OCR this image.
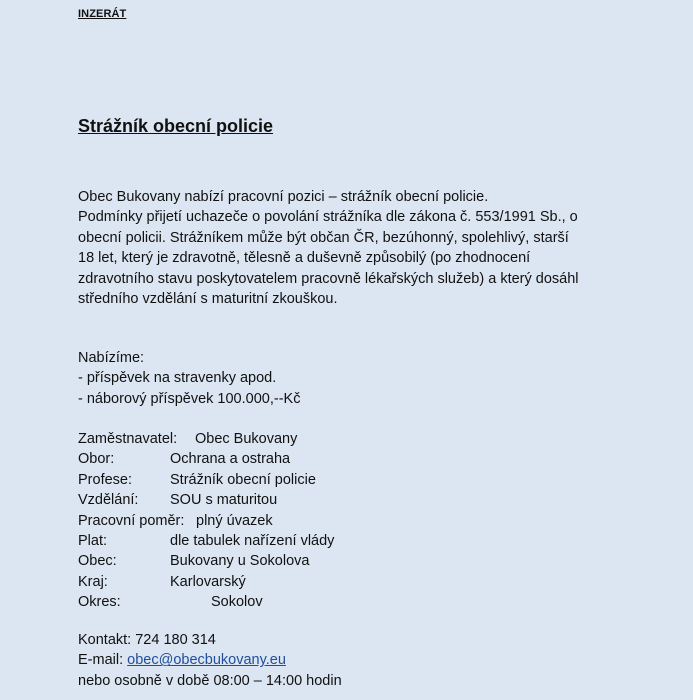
INZERÁT
Strážník obecní policie
Obec Bukovany nabízí pracovní pozici – strážník obecní policie.
Podmínky přijetí uchazeče o povolání strážníka dle zákona č. 553/1991 Sb., o
obecní policii. Strážníkem může být občan ČR, bezúhonný, spolehlivý, starší
18 let, který je zdravotně, tělesně a duševně způsobilý (po zhodnocení
zdravotního stavu poskytovatelem pracovně lékařských služeb) a který dosáhl
středního vzdělání s maturitní zkouškou.
Nabízíme:
- příspěvek na stravenky apod.
- náborový příspěvek 100.000,--Kč
Zaměstnavatel: Obec Bukovany
Obor:	Ochrana a ostraha
Profese:	Strážník obecní policie
Vzdělání: SOU s maturitou
Pracovní poměr: plný úvazek
Plat:	dle tabulek nařízení vlády
Obec:	Bukovany u Sokolova
Kraj:	Karlovarský
Okres:	Sokolov
Kontakt: 724 180 314
E-mail: obec@obecbukovany.eu
nebo osobně v době 08:00 – 14:00 hodin
